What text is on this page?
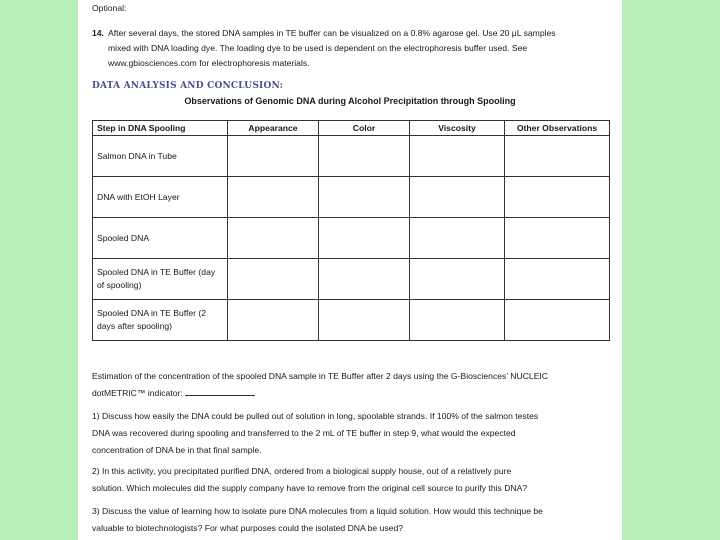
Optional:
14. After several days, the stored DNA samples in TE buffer can be visualized on a 0.8% agarose gel. Use 20 μL samples
mixed with DNA loading dye. The loading dye to be used is dependent on the electrophoresis buffer used. See
www.gbiosciences.com for electrophoresis materials.
DATA ANALYSIS AND CONCLUSION:
Observations of Genomic DNA during Alcohol Precipitation through Spooling
Step in DNA Spooling	Appearance	Color	Viscosity	Other Observations
Salmon DNA in Tube				
DNA with EtOH Layer				
Spooled DNA				
Spooled DNA in TE Buffer (day of spooling)				
Spooled DNA in TE Buffer (2 days after spooling)				
Estimation of the concentration of the spooled DNA sample in TE Buffer after 2 days using the G-Biosciences’ NUCLEIC
dotMETRIC™ indicator:
1) Discuss how easily the DNA could be pulled out of solution in long, spoolable strands. If 100% of the salmon testes
DNA was recovered during spooling and transferred to the 2 mL of TE buffer in step 9, what would the expected
concentration of DNA be in that final sample.
2) In this activity, you precipitated purified DNA, ordered from a biological supply house, out of a relatively pure
solution. Which molecules did the supply company have to remove from the original cell source to purify this DNA?
3) Discuss the value of learning how to isolate pure DNA molecules from a liquid solution. How would this technique be
valuable to biotechnologists? For what purposes could the isolated DNA be used?
